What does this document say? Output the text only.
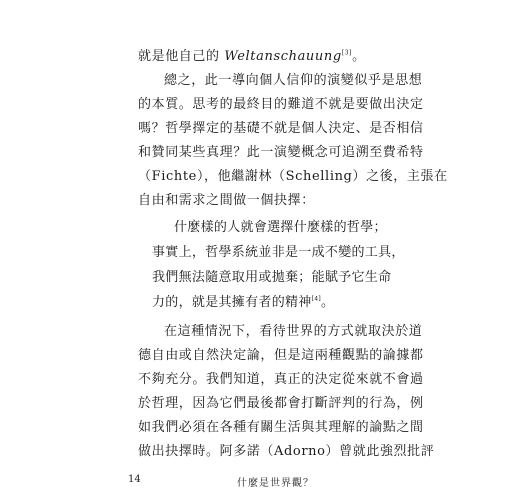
就是他自己的 Weltanschauung[3]。
總之，此一導向個人信仰的演變似乎是思想
的本質。思考的最終目的難道不就是要做出決定
嗎？哲學擇定的基礎不就是個人決定、是否相信
和贊同某些真理？此一演變概念可追溯至費希特
（Fichte），他繼謝林（Schelling）之後，主張在
自由和需求之間做一個抉擇：
什麼樣的人就會選擇什麼樣的哲學；
事實上，哲學系統並非是一成不變的工具，
我們無法隨意取用或拋棄；能賦予它生命
力的，就是其擁有者的精神[4]。
在這種情況下，看待世界的方式就取決於道
德自由或自然決定論，但是這兩種觀點的論據都
不夠充分。我們知道，真正的決定從來就不會過
於哲理，因為它們最後都會打斷評判的行為，例
如我們必須在各種有關生活與其理解的論點之間
做出抉擇時。阿多諾（Adorno）曾就此強烈批評
14	什麼是世界觀？
